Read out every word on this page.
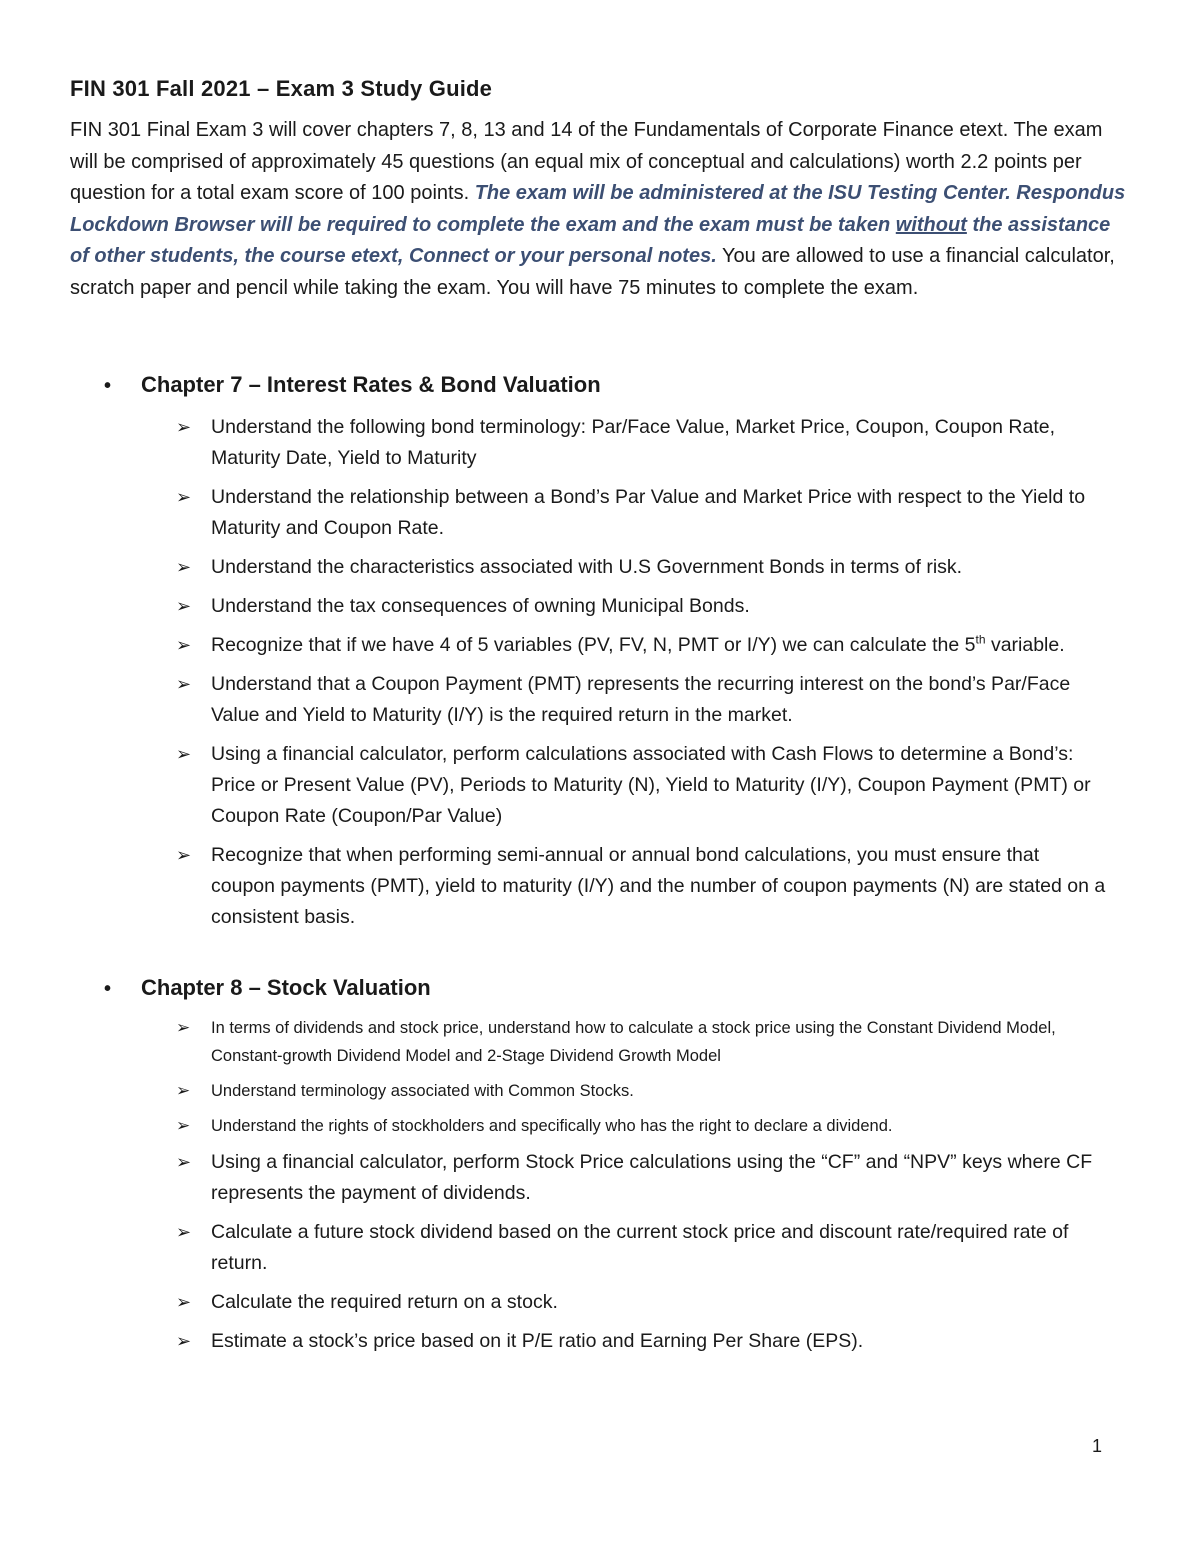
FIN 301 Fall 2021 – Exam 3 Study Guide
FIN 301 Final Exam 3 will cover chapters 7, 8, 13 and 14 of the Fundamentals of Corporate Finance etext. The exam will be comprised of approximately 45 questions (an equal mix of conceptual and calculations) worth 2.2 points per question for a total exam score of 100 points. The exam will be administered at the ISU Testing Center. Respondus Lockdown Browser will be required to complete the exam and the exam must be taken without the assistance of other students, the course etext, Connect or your personal notes. You are allowed to use a financial calculator, scratch paper and pencil while taking the exam. You will have 75 minutes to complete the exam.
• Chapter 7 – Interest Rates & Bond Valuation
➢	Understand the following bond terminology: Par/Face Value, Market Price, Coupon, Coupon Rate, Maturity Date, Yield to Maturity
➢	Understand the relationship between a Bond’s Par Value and Market Price with respect to the Yield to Maturity and Coupon Rate.
➢	Understand the characteristics associated with U.S Government Bonds in terms of risk.
➢	Understand the tax consequences of owning Municipal Bonds.
➢	Recognize that if we have 4 of 5 variables (PV, FV, N, PMT or I/Y) we can calculate the 5th variable.
➢	Understand that a Coupon Payment (PMT) represents the recurring interest on the bond’s Par/Face Value and Yield to Maturity (I/Y) is the required return in the market.
➢	Using a financial calculator, perform calculations associated with Cash Flows to determine a Bond’s: Price or Present Value (PV), Periods to Maturity (N), Yield to Maturity (I/Y), Coupon Payment (PMT) or Coupon Rate (Coupon/Par Value)
➢	Recognize that when performing semi-annual or annual bond calculations, you must ensure that coupon payments (PMT), yield to maturity (I/Y) and the number of coupon payments (N) are stated on a consistent basis.
• Chapter 8 – Stock Valuation
➢	In terms of dividends and stock price, understand how to calculate a stock price using the Constant Dividend Model, Constant-growth Dividend Model and 2-Stage Dividend Growth Model
➢	Understand terminology associated with Common Stocks.
➢	Understand the rights of stockholders and specifically who has the right to declare a dividend.
➢	Using a financial calculator, perform Stock Price calculations using the “CF” and “NPV” keys where CF represents the payment of dividends.
➢	Calculate a future stock dividend based on the current stock price and discount rate/required rate of return.
➢	Calculate the required return on a stock.
➢	Estimate a stock’s price based on it P/E ratio and Earning Per Share (EPS).
1
